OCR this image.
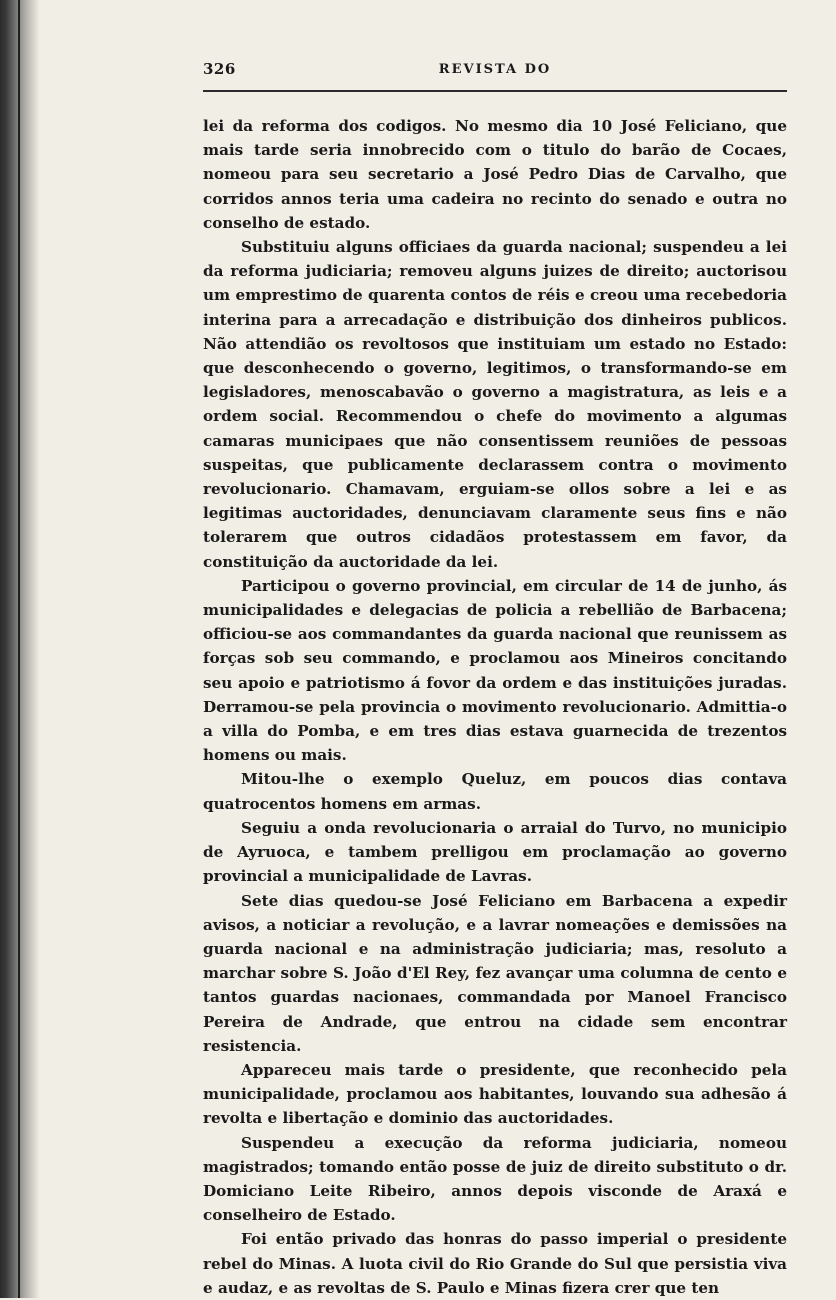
326	REVISTA DO

lei da reforma dos codigos. No mesmo dia 10 José Feliciano, que mais tarde seria innobrecido com o titulo do barão de Cocaes, nomeou para seu secretario a José Pedro Dias de Carvalho, que corridos annos teria uma cadeira no recinto do senado e outra no conselho de estado.

Substituiu alguns officiaes da guarda nacional; suspendeu a lei da reforma judiciaria; removeu alguns juizes de direito; auctorisou um emprestimo de quarenta contos de réis e creou uma recebedoria interina para a arrecadação e distribuição dos dinheiros publicos. Não attendião os revoltosos que instituiam um estado no Estado: que desconhecendo o governo, legitimos, o transformando-se em legisladores, menoscabavão o governo a magistratura, as leis e a ordem social. Recommendou o chefe do movimento a algumas camaras municipaes que não consentissem reuniões de pessoas suspeitas, que publicamente declarassem contra o movimento revolucionario. Chamavam, erguiam-se ollos sobre a lei e as legitimas auctoridades, denunciavam claramente seus fins e não tolerarem que outros cidadãos protestassem em favor, da constituição da auctoridade da lei.

Participou o governo provincial, em circular de 14 de junho, ás municipalidades e delegacias de policia a rebellião de Barbacena; officiou-se aos commandantes da guarda nacional que reunissem as forças sob seu commando, e proclamou aos Mineiros concitando seu apoio e patriotismo á fovor da ordem e das instituições juradas. Derramou-se pela provincia o movimento revolucionario. Admittia-o a villa do Pomba, e em tres dias estava guarnecida de trezentos homens ou mais.

Mitou-lhe o exemplo Queluz, em poucos dias contava quatrocentos homens em armas.

Seguiu a onda revolucionaria o arraial do Turvo, no municipio de Ayruoca, e tambem prelligou em proclamação ao governo provincial a municipalidade de Lavras.

Sete dias quedou-se José Feliciano em Barbacena a expedir avisos, a noticiar a revolução, e a lavrar nomeações e demissões na guarda nacional e na administração judiciaria; mas, resoluto a marchar sobre S. João d'El Rey, fez avançar uma columna de cento e tantos guardas nacionaes, commandada por Manoel Francisco Pereira de Andrade, que entrou na cidade sem encontrar resistencia.

Appareceu mais tarde o presidente, que reconhecido pela municipalidade, proclamou aos habitantes, louvando sua adhesão á revolta e libertação e dominio das auctoridades.

Suspendeu a execução da reforma judiciaria, nomeou magistrados; tomando então posse de juiz de direito substituto o dr. Domiciano Leite Ribeiro, annos depois visconde de Araxá e conselheiro de Estado.

Foi então privado das honras do passo imperial o presidente rebel do Minas. A luota civil do Rio Grande do Sul que persistia viva e audaz, e as revoltas de S. Paulo e Minas fizera crer que ten
